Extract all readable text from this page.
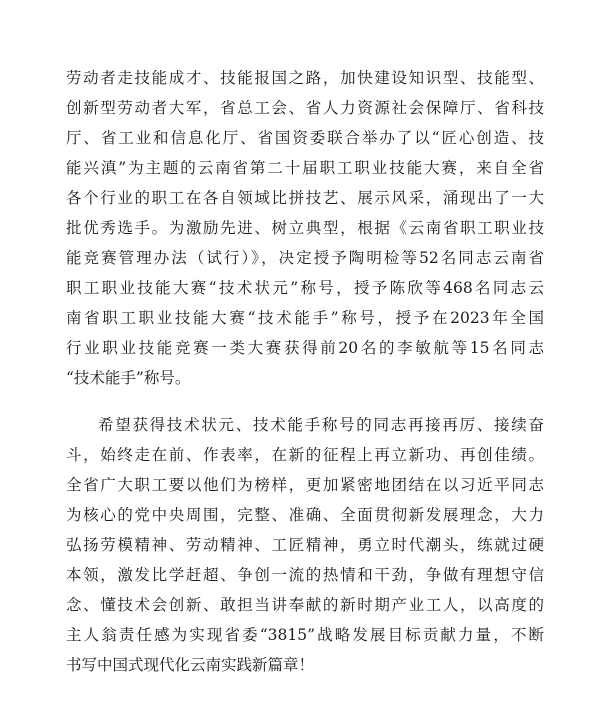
劳动者走技能成才、技能报国之路，加快建设知识型、技能型、
创新型劳动者大军，省总工会、省人力资源社会保障厅、省科技
厅、省工业和信息化厅、省国资委联合举办了以“匠心创造、技
能兴滇”为主题的云南省第二十届职工职业技能大赛，来自全省
各个行业的职工在各自领域比拼技艺、展示风采，涌现出了一大
批优秀选手。为激励先进、树立典型，根据《云南省职工职业技
能竞赛管理办法（试行）》，决定授予陶明检等52名同志云南省
职工职业技能大赛“技术状元”称号，授予陈欣等468名同志云
南省职工职业技能大赛“技术能手”称号，授予在2023年全国
行业职业技能竞赛一类大赛获得前20名的李敏航等15名同志
“技术能手”称号。
希望获得技术状元、技术能手称号的同志再接再厉、接续奋
斗，始终走在前、作表率，在新的征程上再立新功、再创佳绩。
全省广大职工要以他们为榜样，更加紧密地团结在以习近平同志
为核心的党中央周围，完整、准确、全面贯彻新发展理念，大力
弘扬劳模精神、劳动精神、工匠精神，勇立时代潮头，练就过硬
本领，激发比学赶超、争创一流的热情和干劲，争做有理想守信
念、懂技术会创新、敢担当讲奉献的新时期产业工人，以高度的
主人翁责任感为实现省委“3815”战略发展目标贡献力量，不断
书写中国式现代化云南实践新篇章！
